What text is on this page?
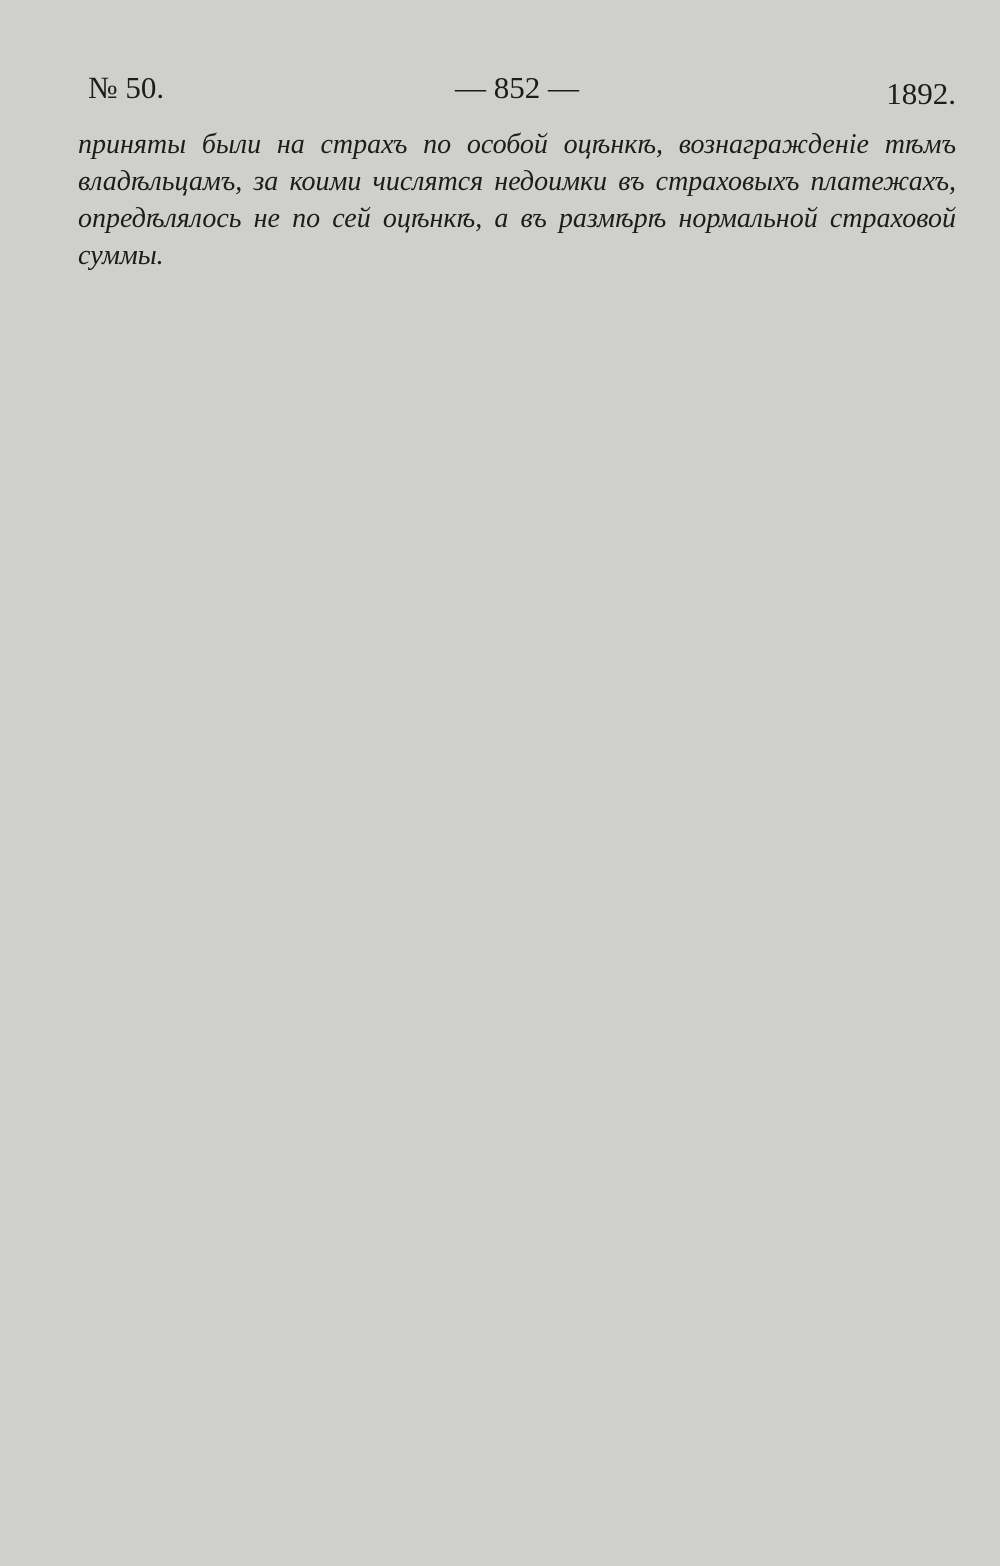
№ 50.	— 852 —	1892.
приняты были на страхъ по особой оцѣнкѣ, вознагражденіе тѣмъ владѣльцамъ, за коими числятся недоимки въ страховыхъ платежахъ, опредѣлялось не по сей оцѣнкѣ, а въ размѣрѣ нормальной страховой суммы.
